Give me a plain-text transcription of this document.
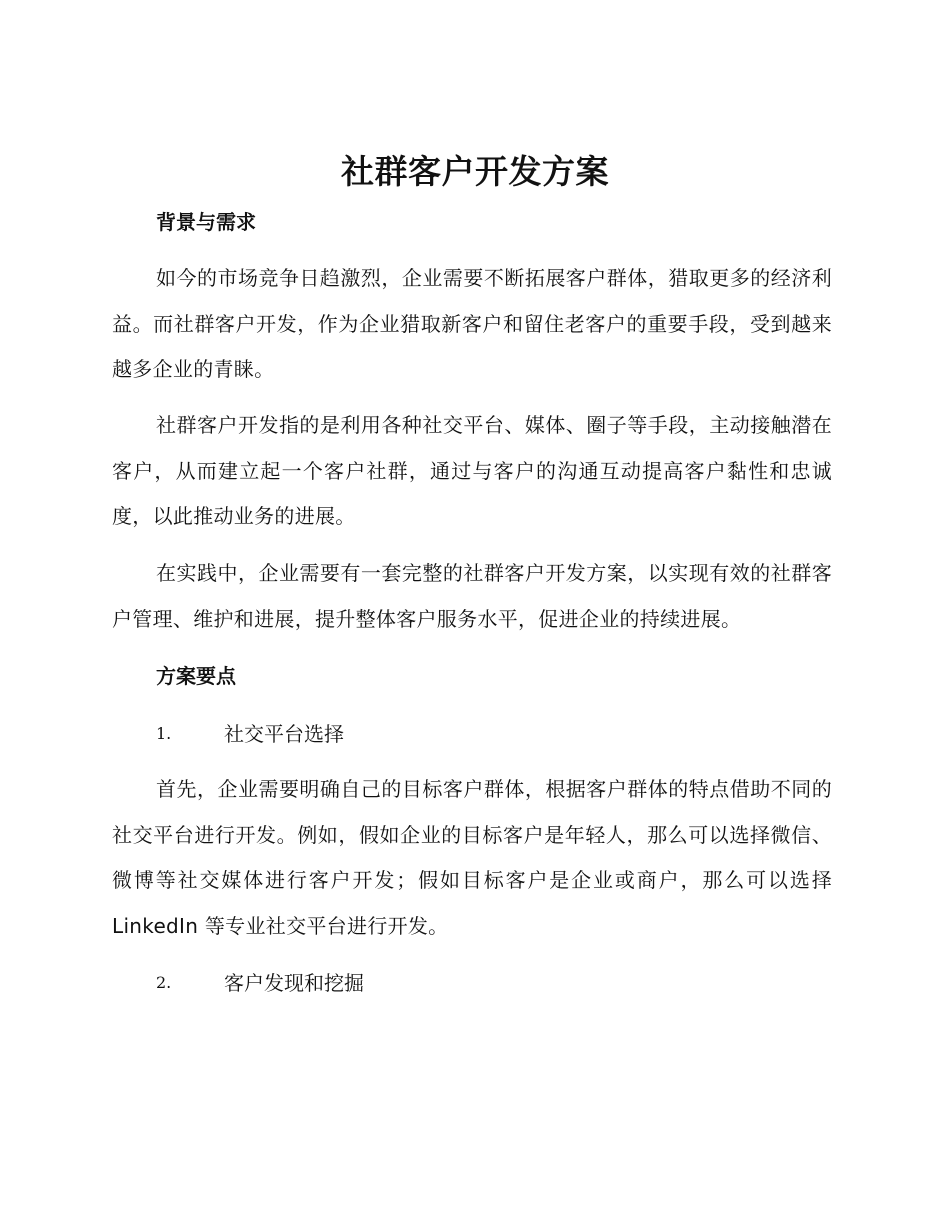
社群客户开发方案
背景与需求

如今的市场竞争日趋激烈，企业需要不断拓展客户群体，猎取更多的经济利益。而社群客户开发，作为企业猎取新客户和留住老客户的重要手段，受到越来越多企业的青睐。

社群客户开发指的是利用各种社交平台、媒体、圈子等手段，主动接触潜在客户，从而建立起一个客户社群，通过与客户的沟通互动提高客户黏性和忠诚度，以此推动业务的进展。

在实践中，企业需要有一套完整的社群客户开发方案，以实现有效的社群客户管理、维护和进展，提升整体客户服务水平，促进企业的持续进展。

方案要点
1.	社交平台选择

首先，企业需要明确自己的目标客户群体，根据客户群体的特点借助不同的社交平台进行开发。例如，假如企业的目标客户是年轻人，那么可以选择微信、微博等社交媒体进行客户开发；假如目标客户是企业或商户，那么可以选择 LinkedIn 等专业社交平台进行开发。

2.	客户发现和挖掘
